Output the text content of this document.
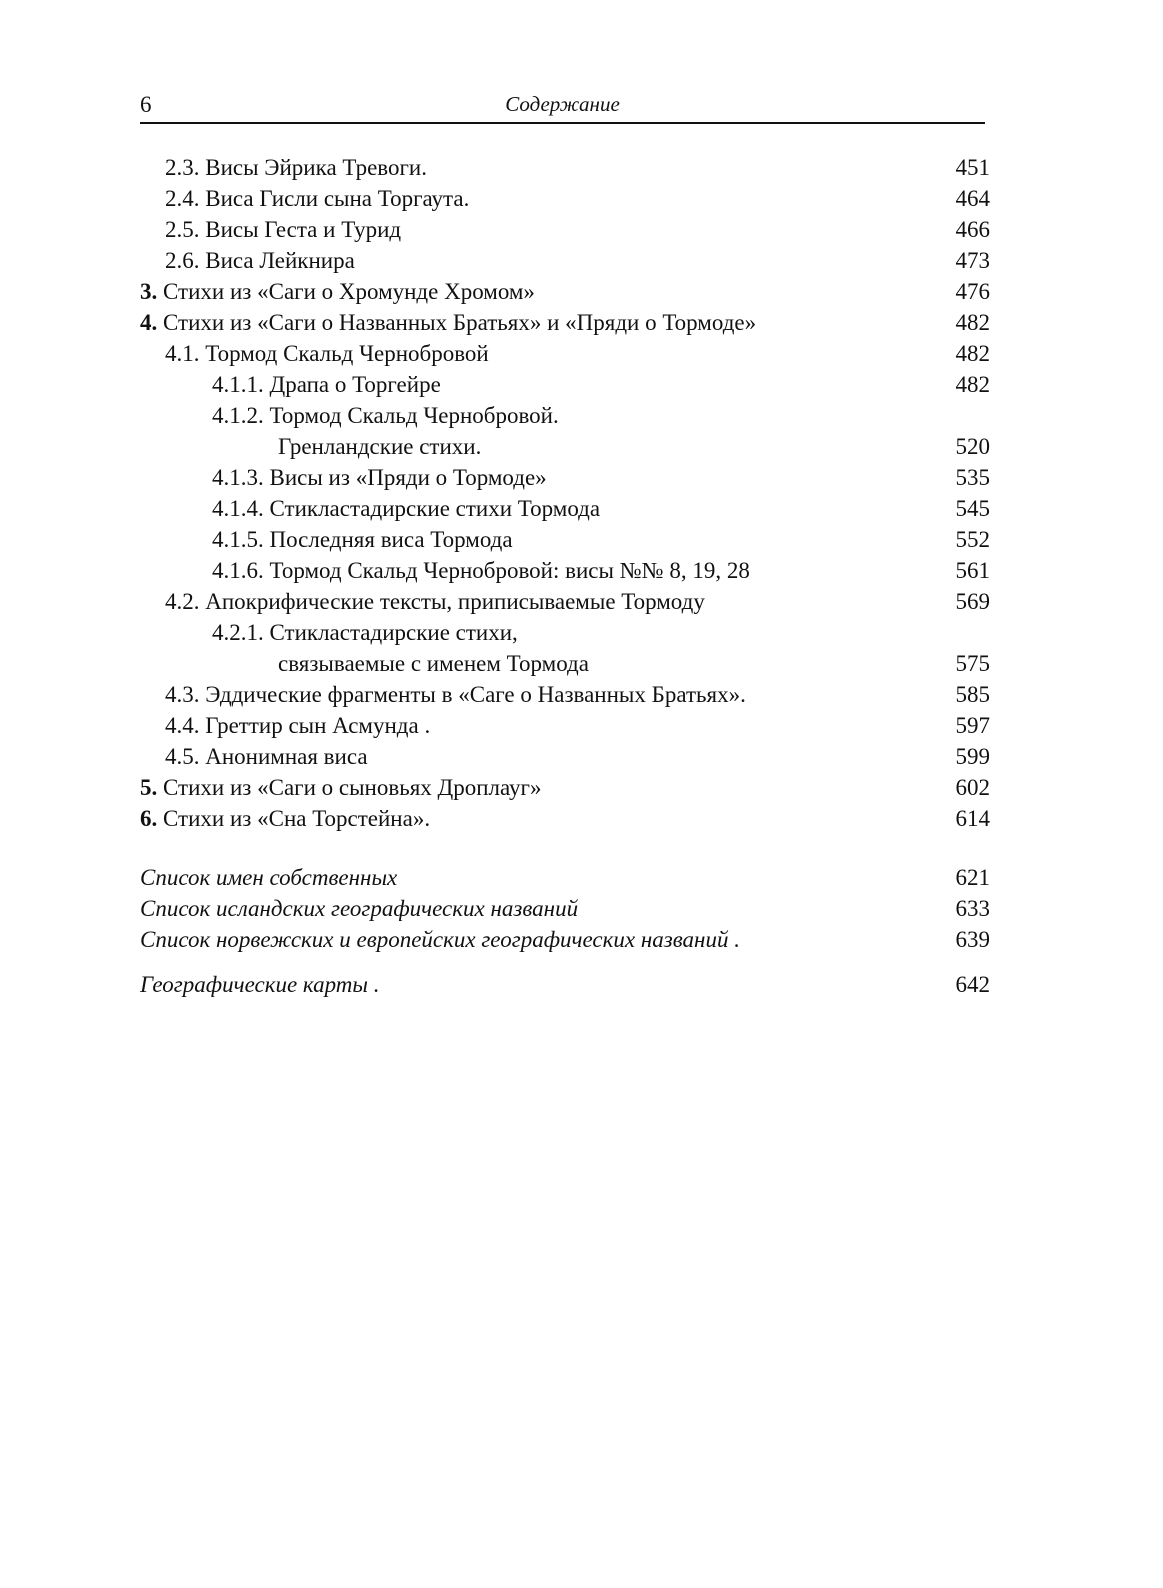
6	Содержание
2.3. Висы Эйрика Тревоги.	451
2.4. Виса Гисли сына Торгаута.	464
2.5. Висы Геста и Турид	466
2.6. Виса Лейкнира	473
3. Стихи из «Саги о Хромунде Хромом»	476
4. Стихи из «Саги о Названных Братьях» и «Пряди о Тормоде»	482
4.1. Тормод Скальд Чернобровой	482
4.1.1. Драпа о Торгейре	482
4.1.2. Тормод Скальд Чернобровой.
Гренландские стихи.	520
4.1.3. Висы из «Пряди о Тормоде»	535
4.1.4. Стикластадирские стихи Тормода	545
4.1.5. Последняя виса Тормода	552
4.1.6. Тормод Скальд Чернобровой: висы №№ 8, 19, 28	561
4.2. Апокрифические тексты, приписываемые Тормоду	569
4.2.1. Стикластадирские стихи,
связываемые с именем Тормода	575
4.3. Эддические фрагменты в «Саге о Названных Братьях».	585
4.4. Греттир сын Асмунда .	597
4.5. Анонимная виса	599
5. Стихи из «Саги о сыновьях Дроплауг»	602
6. Стихи из «Сна Торстейна».	614
Список имен собственных	621
Список исландских географических названий	633
Список норвежских и европейских географических названий .	639
Географические карты .	642
